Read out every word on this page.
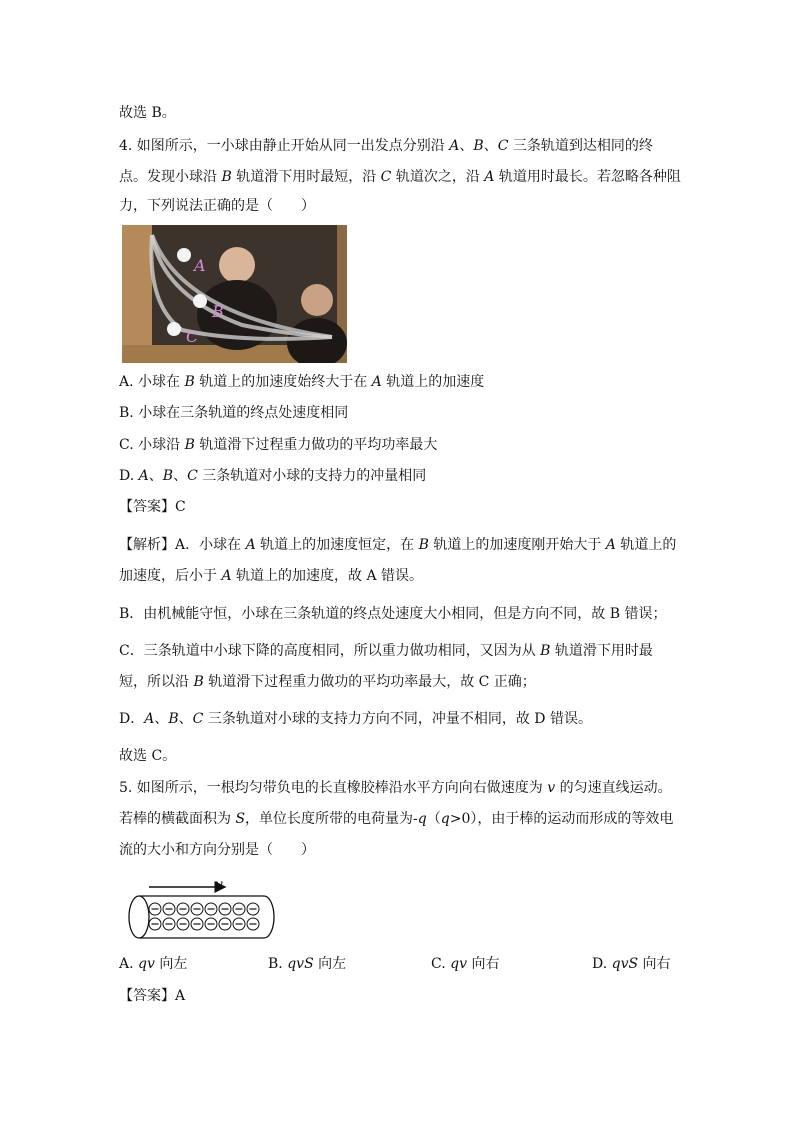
故选 B。
4. 如图所示，一小球由静止开始从同一出发点分别沿 A、B、C 三条轨道到达相同的终
点。发现小球沿 B 轨道滑下用时最短，沿 C 轨道次之，沿 A 轨道用时最长。若忽略各种阻
力，下列说法正确的是（　　）
A
B
C
A. 小球在 B 轨道上的加速度始终大于在 A 轨道上的加速度
B. 小球在三条轨道的终点处速度相同
C. 小球沿 B 轨道滑下过程重力做功的平均功率最大
D. A、B、C 三条轨道对小球的支持力的冲量相同
【答案】C
【解析】A．小球在 A 轨道上的加速度恒定，在 B 轨道上的加速度刚开始大于 A 轨道上的
加速度，后小于 A 轨道上的加速度，故 A 错误。
B．由机械能守恒，小球在三条轨道的终点处速度大小相同，但是方向不同，故 B 错误；
C．三条轨道中小球下降的高度相同，所以重力做功相同，又因为从 B 轨道滑下用时最
短，所以沿 B 轨道滑下过程重力做功的平均功率最大，故 C 正确；
D．A、B、C 三条轨道对小球的支持力方向不同，冲量不相同，故 D 错误。
故选 C。
5. 如图所示，一根均匀带负电的长直橡胶棒沿水平方向向右做速度为 v 的匀速直线运动。
若棒的横截面积为 S，单位长度所带的电荷量为-q（q>0），由于棒的运动而形成的等效电
流的大小和方向分别是（　　）
v
A. qv 向左	B. qvS 向左	C. qv 向右	D. qvS 向右
【答案】A
